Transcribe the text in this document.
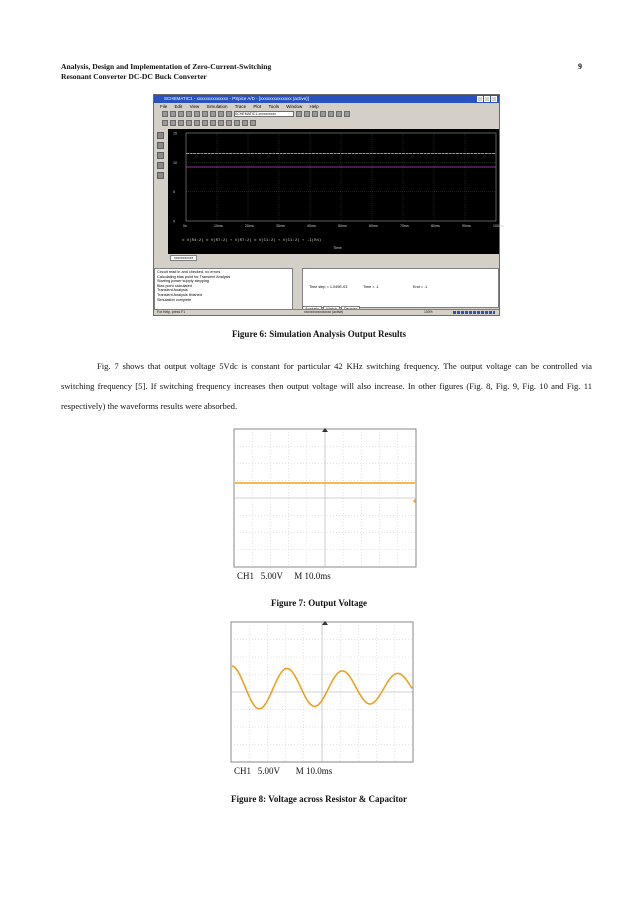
Analysis, Design and Implementation of Zero-Current-Switching
Resonant Converter DC-DC Buck Converter
9
SCHEMATIC1 - xxxxxxxxxxxxxx - PSpice A/D - [xxxxxxxxxxxxxx (active)]
File Edit View Simulation Trace Plot Tools Window Help
SCHEMATIC1-xxxxxxxxxx
0s	10ms	20ms	30ms	40ms	50ms	60ms	70ms	80ms	90ms	100ms
15
10
5
0
◇ V(R4:2) ◇ V(R7:2) ∘ V(R7:2) ◇ V(C1:2) ∘ V(C1:2) ∘ -I(R4)
Time
xxxxxxxxxxx
Circuit read in and checked, no errors
Calculating bias point for Transient Analysis
Starting power supply stepping
Bias point calculated
Transient Analysis
Transient Analysis finished
Simulation complete
Time step = 1.049E-03	Time = .1	End = .1
For Help, press F1	xxxxxxxxxxxxxxxx (active)	100%
Figure 6: Simulation Analysis Output Results

Fig. 7 shows that output voltage 5Vdc is constant for particular 42 KHz switching frequency. The output voltage can be controlled via switching frequency [5]. If switching frequency increases then output voltage will also increase. In other figures (Fig. 8, Fig. 9, Fig. 10 and Fig. 11 respectively) the waveforms results were absorbed.

CH1 5.00V M 10.0ms
Figure 7: Output Voltage
CH1 5.00V M 10.0ms
Figure 8: Voltage across Resistor & Capacitor
